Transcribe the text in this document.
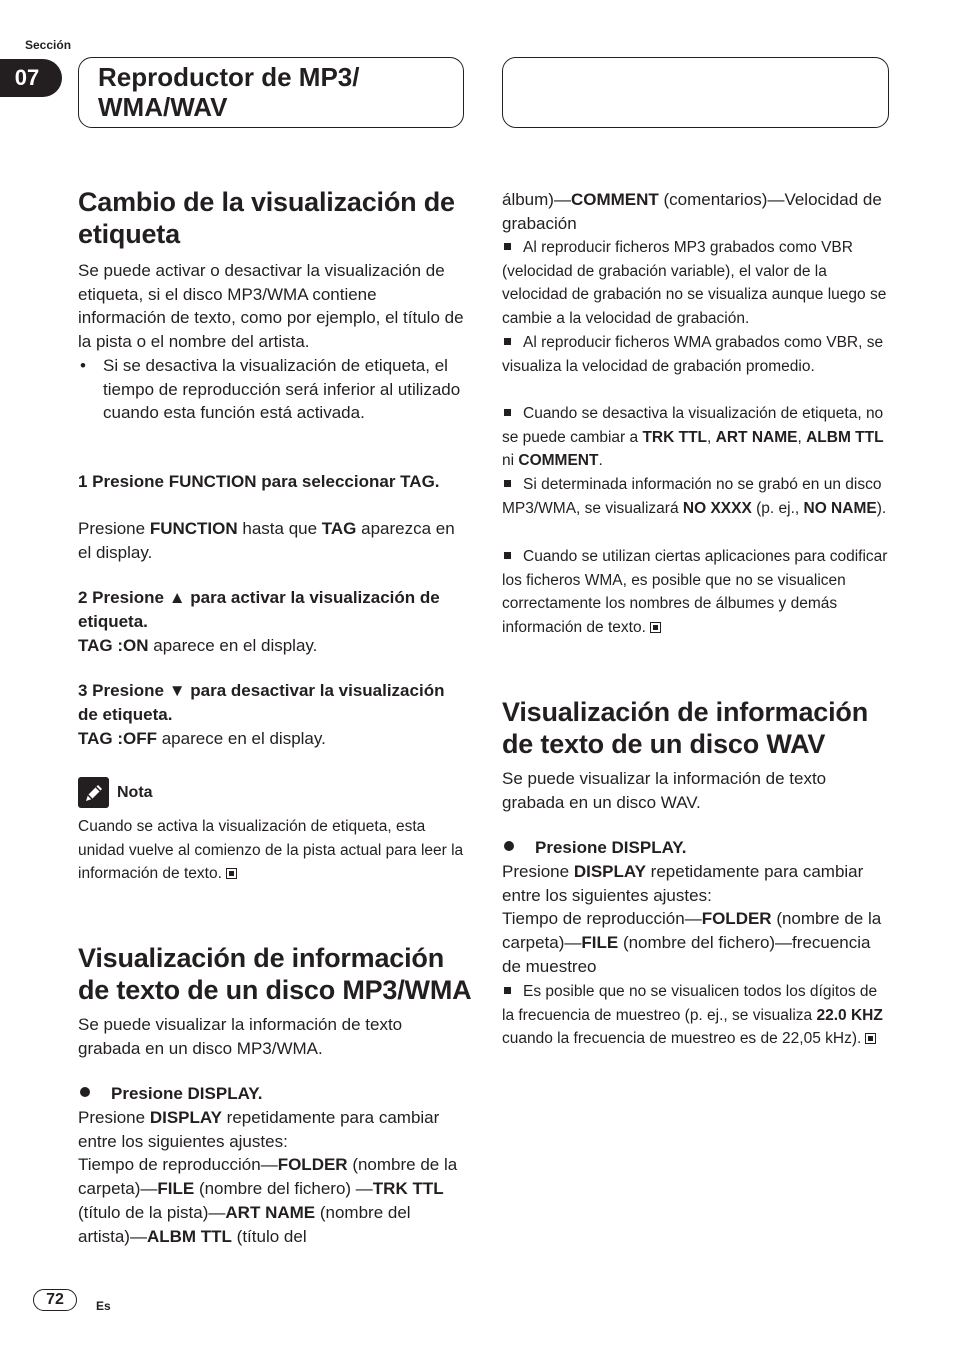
Sección
07	Reproductor de MP3/ WMA/WAV
Cambio de la visualización de etiqueta

Se puede activar o desactivar la visualización de etiqueta, si el disco MP3/WMA contiene información de texto, como por ejemplo, el título de la pista o el nombre del artista.

• Si se desactiva la visualización de etiqueta, el tiempo de reproducción será inferior al utilizado cuando esta función está activada.

1 Presione FUNCTION para seleccionar TAG.

Presione FUNCTION hasta que TAG aparezca en el display.

2 Presione ▲ para activar la visualización de etiqueta.

TAG :ON aparece en el display.

3 Presione ▼ para desactivar la visualización de etiqueta.

TAG :OFF aparece en el display.

Nota

Cuando se activa la visualización de etiqueta, esta unidad vuelve al comienzo de la pista actual para leer la información de texto.

Visualización de información de texto de un disco MP3/WMA

Se puede visualizar la información de texto grabada en un disco MP3/WMA.

Presione DISPLAY.

Presione DISPLAY repetidamente para cambiar entre los siguientes ajustes:
Tiempo de reproducción—FOLDER (nombre de la carpeta)—FILE (nombre del fichero) —TRK TTL (título de la pista)—ART NAME (nombre del artista)—ALBM TTL (título del

álbum)—COMMENT (comentarios)—Velocidad de grabación

Al reproducir ficheros MP3 grabados como VBR (velocidad de grabación variable), el valor de la velocidad de grabación no se visualiza aunque luego se cambie a la velocidad de grabación.

Al reproducir ficheros WMA grabados como VBR, se visualiza la velocidad de grabación promedio.

Cuando se desactiva la visualización de etiqueta, no se puede cambiar a TRK TTL, ART NAME, ALBM TTL ni COMMENT.

Si determinada información no se grabó en un disco MP3/WMA, se visualizará NO XXXX (p. ej., NO NAME).

Cuando se utilizan ciertas aplicaciones para codificar los ficheros WMA, es posible que no se visualicen correctamente los nombres de álbumes y demás información de texto.

Visualización de información de texto de un disco WAV

Se puede visualizar la información de texto grabada en un disco WAV.

Presione DISPLAY.

Presione DISPLAY repetidamente para cambiar entre los siguientes ajustes:
Tiempo de reproducción—FOLDER (nombre de la carpeta)—FILE (nombre del fichero)—frecuencia de muestreo

Es posible que no se visualicen todos los dígitos de la frecuencia de muestreo (p. ej., se visualiza 22.0 KHZ cuando la frecuencia de muestreo es de 22,05 kHz).

72	Es
